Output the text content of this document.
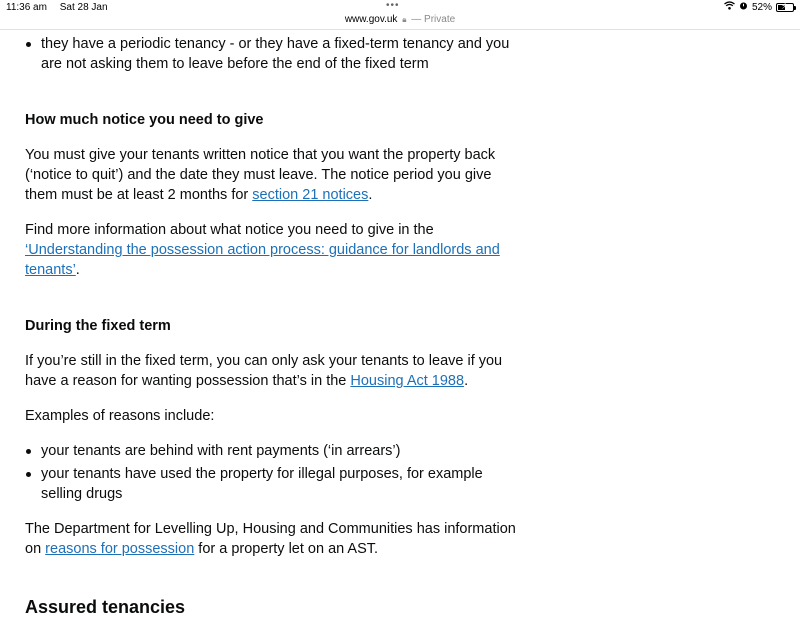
11:36 am Sat 28 Jan	•••	52% ⚡
www.gov.uk 🔒︎ — Private
they have a periodic tenancy - or they have a fixed-term tenancy and you are not asking them to leave before the end of the fixed term
How much notice you need to give

You must give your tenants written notice that you want the property back (‘notice to quit’) and the date they must leave. The notice period you give them must be at least 2 months for section 21 notices.

Find more information about what notice you need to give in the ‘Understanding the possession action process: guidance for landlords and tenants’.

During the fixed term

If you’re still in the fixed term, you can only ask your tenants to leave if you have a reason for wanting possession that’s in the Housing Act 1988.

Examples of reasons include:

your tenants are behind with rent payments (‘in arrears’)
your tenants have used the property for illegal purposes, for example selling drugs

The Department for Levelling Up, Housing and Communities has information on reasons for possession for a property let on an AST.

Assured tenancies
